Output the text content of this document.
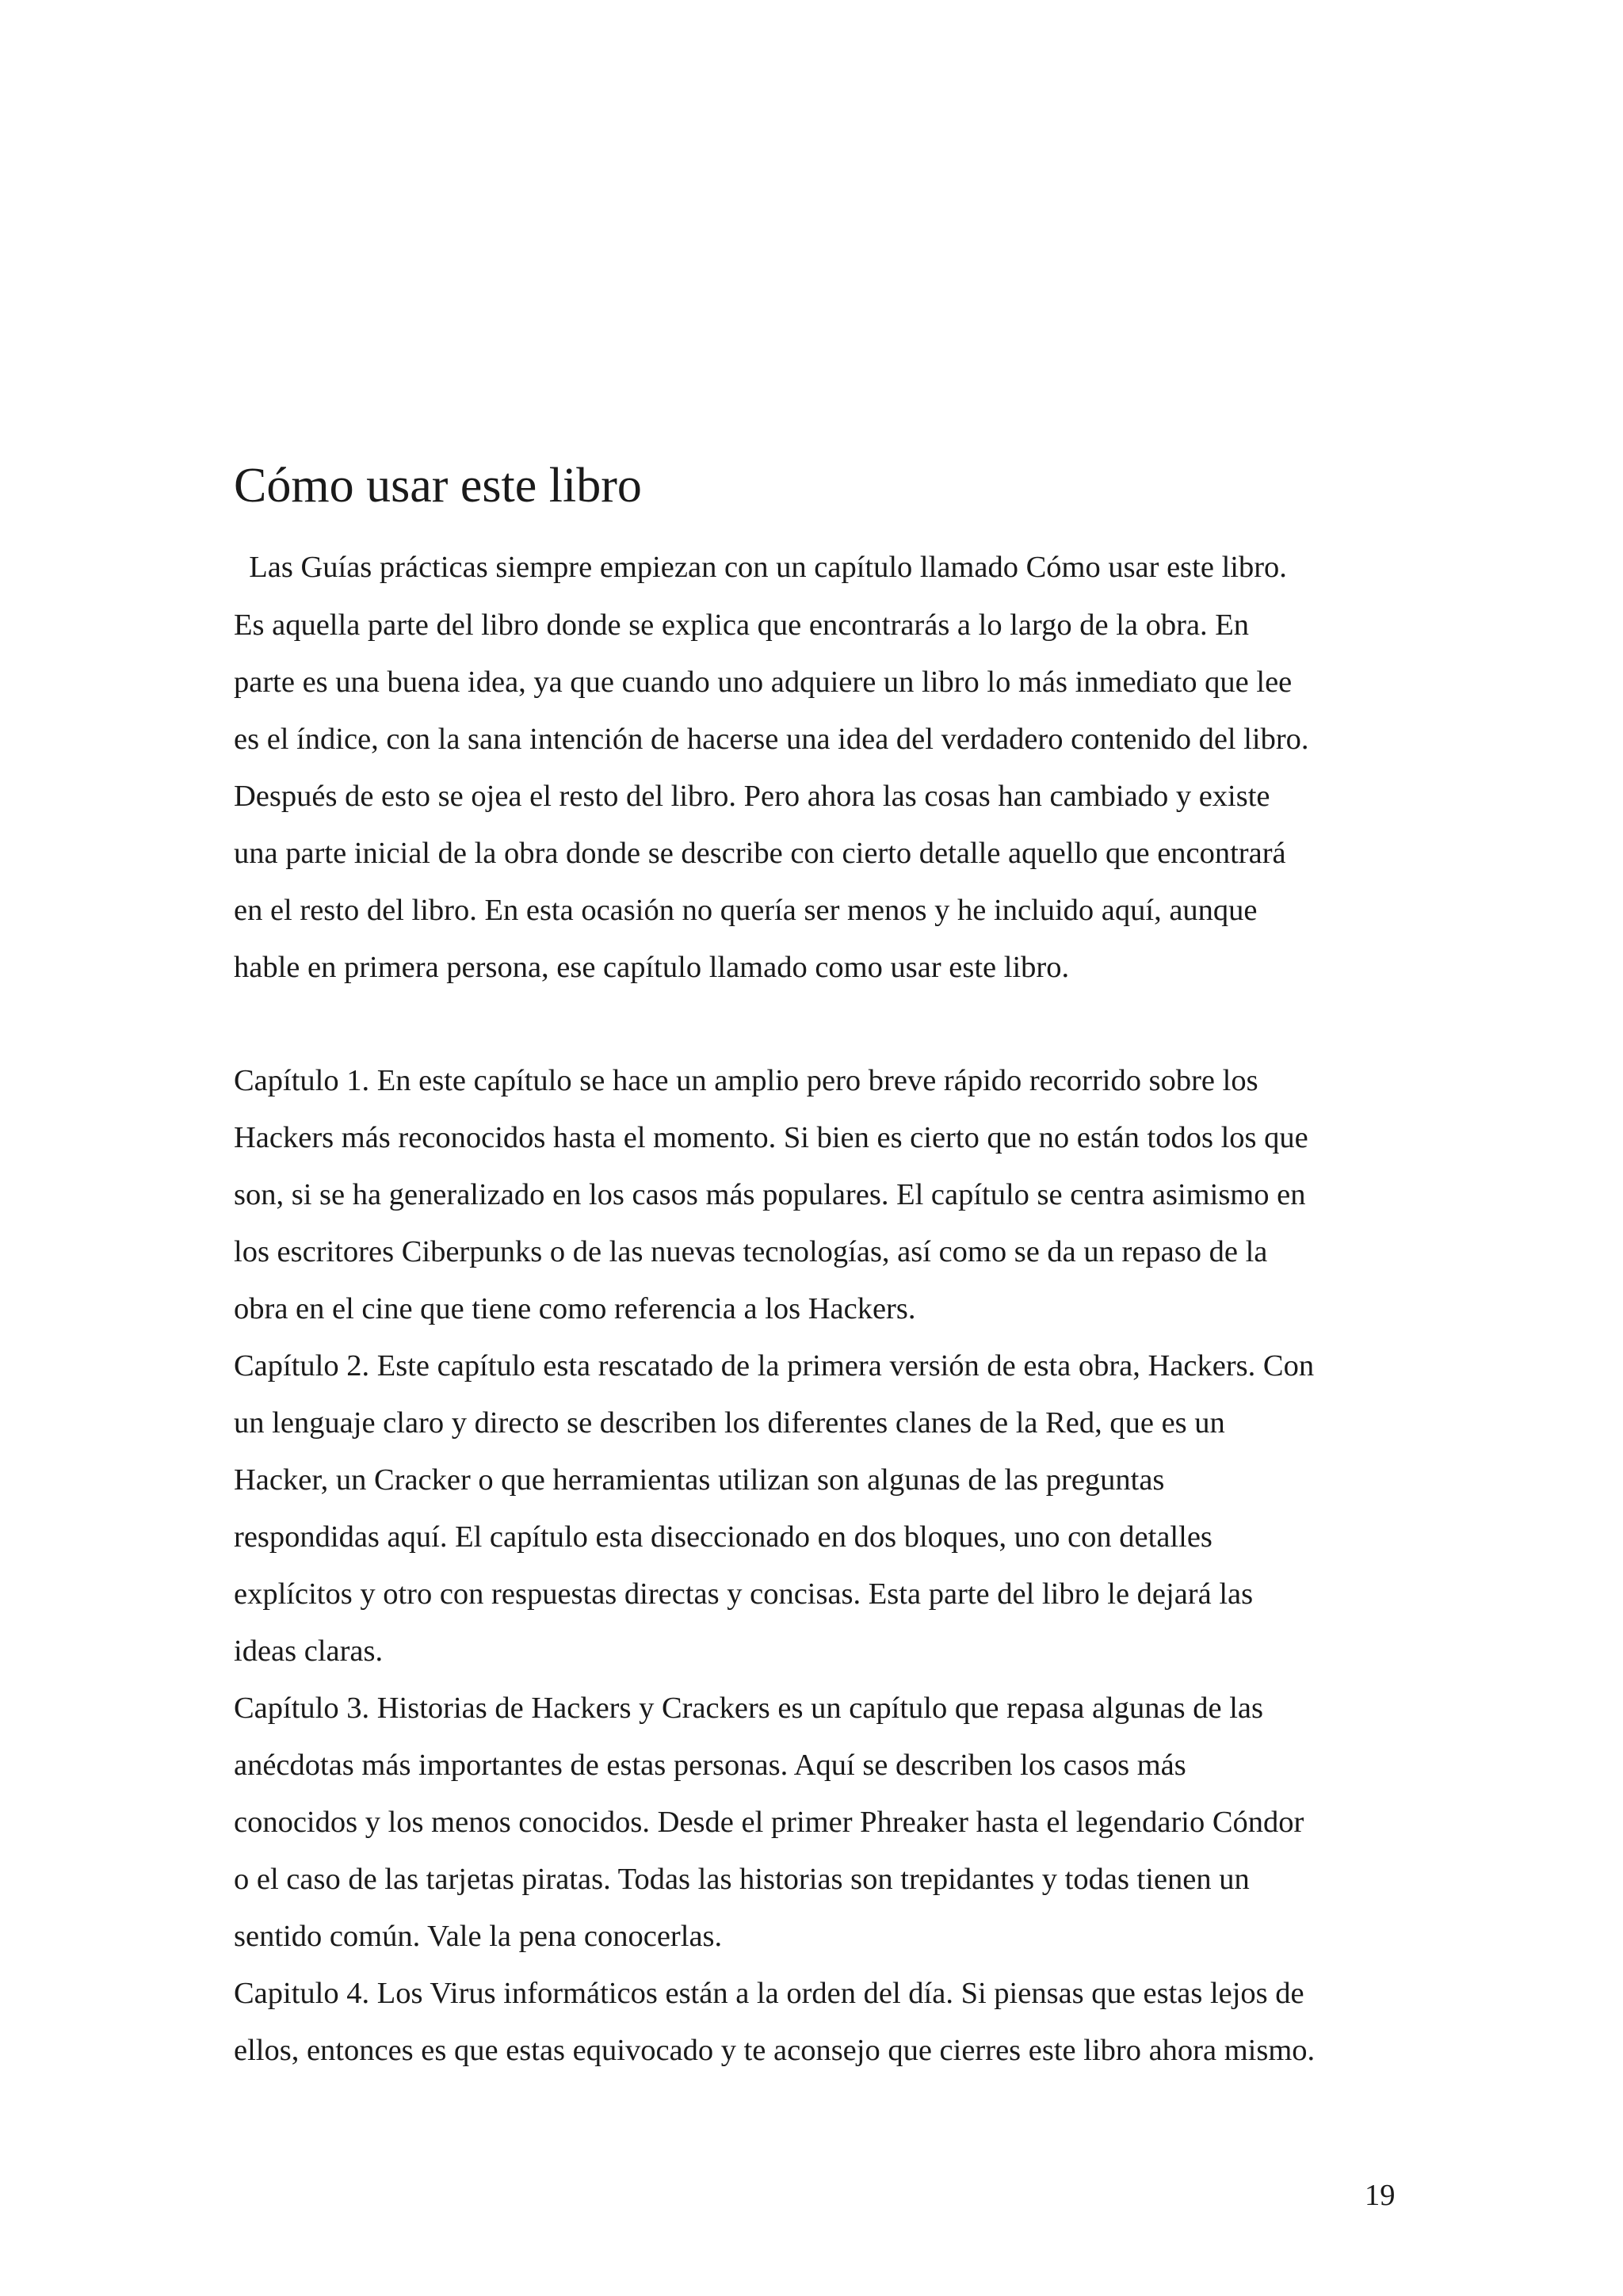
Cómo usar este libro

Las Guías prácticas siempre empiezan con un capítulo llamado Cómo usar este libro.

Es aquella parte del libro donde se explica que encontrarás a lo largo de la obra. En

parte es una buena idea, ya que cuando uno adquiere un libro lo más inmediato que lee

es el índice, con la sana intención de hacerse una idea del verdadero contenido del libro.

Después de esto se ojea el resto del libro. Pero ahora las cosas han cambiado y existe

una parte inicial de la obra donde se describe con cierto detalle aquello que encontrará

en el resto del libro. En esta ocasión no quería ser menos y he incluido aquí, aunque

hable en primera persona, ese capítulo llamado como usar este libro.

Capítulo 1. En este capítulo se hace un amplio pero breve rápido recorrido sobre los

Hackers más reconocidos hasta el momento. Si bien es cierto que no están todos los que

son, si se ha generalizado en los casos más populares. El capítulo se centra asimismo en

los escritores Ciberpunks o de las nuevas tecnologías, así como se da un repaso de la

obra en el cine que tiene como referencia a los Hackers.

Capítulo 2. Este capítulo esta rescatado de la primera versión de esta obra, Hackers. Con

un lenguaje claro y directo se describen los diferentes clanes de la Red, que es un

Hacker, un Cracker o que herramientas utilizan son algunas de las preguntas

respondidas aquí. El capítulo esta diseccionado en dos bloques, uno con detalles

explícitos y otro con respuestas directas y concisas. Esta parte del libro le dejará las

ideas claras.

Capítulo 3. Historias de Hackers y Crackers es un capítulo que repasa algunas de las

anécdotas más importantes de estas personas. Aquí se describen los casos más

conocidos y los menos conocidos. Desde el primer Phreaker hasta el legendario Cóndor

o el caso de las tarjetas piratas. Todas las historias son trepidantes y todas tienen un

sentido común. Vale la pena conocerlas.

Capitulo 4. Los Virus informáticos están a la orden del día. Si piensas que estas lejos de

ellos, entonces es que estas equivocado y te aconsejo que cierres este libro ahora mismo.

19
